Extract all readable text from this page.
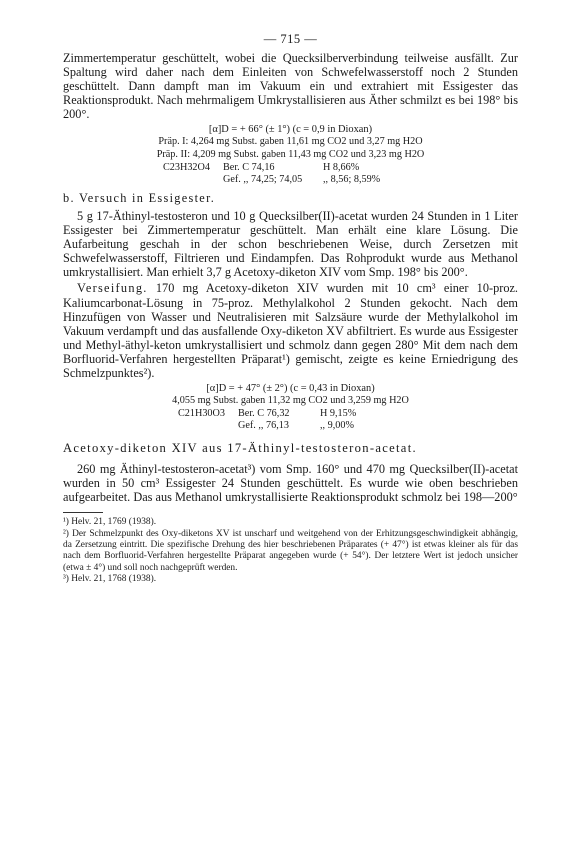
— 715 —

Zimmertemperatur geschüttelt, wobei die Quecksilberverbindung teilweise ausfällt. Zur Spaltung wird daher nach dem Einleiten von Schwefelwasserstoff noch 2 Stunden geschüttelt. Dann dampft man im Vakuum ein und extrahiert mit Essigester das Reaktionsprodukt. Nach mehrmaligem Umkrystallisieren aus Äther schmilzt es bei 198° bis 200°.

[α]D = + 66° (± 1°) (c = 0,9 in Dioxan)
Präp. I: 4,264 mg Subst. gaben 11,61 mg CO2 und 3,27 mg H2O
Präp. II: 4,209 mg Subst. gaben 11,43 mg CO2 und 3,23 mg H2O
C23H32O4	Ber. C 74,16	H 8,66%
Gef. ,, 74,25; 74,05	,, 8,56; 8,59%

b. Versuch in Essigester.

5 g 17-Äthinyl-testosteron und 10 g Quecksilber(II)-acetat wurden 24 Stunden in 1 Liter Essigester bei Zimmertemperatur geschüttelt. Man erhält eine klare Lösung. Die Aufarbeitung geschah in der schon beschriebenen Weise, durch Zersetzen mit Schwefelwasserstoff, Filtrieren und Eindampfen. Das Rohprodukt wurde aus Methanol umkrystallisiert. Man erhielt 3,7 g Acetoxy-diketon XIV vom Smp. 198° bis 200°.

Verseifung. 170 mg Acetoxy-diketon XIV wurden mit 10 cm³ einer 10-proz. Kaliumcarbonat-Lösung in 75-proz. Methylalkohol 2 Stunden gekocht. Nach dem Hinzufügen von Wasser und Neutralisieren mit Salzsäure wurde der Methylalkohol im Vakuum verdampft und das ausfallende Oxy-diketon XV abfiltriert. Es wurde aus Essigester und Methyl-äthyl-keton umkrystallisiert und schmolz dann gegen 280° Mit dem nach dem Borfluorid-Verfahren hergestellten Präparat¹) gemischt, zeigte es keine Erniedrigung des Schmelzpunktes²).

[α]D = + 47° (± 2°) (c = 0,43 in Dioxan)
4,055 mg Subst. gaben 11,32 mg CO2 und 3,259 mg H2O
C21H30O3	Ber. C 76,32	H 9,15%
Gef. ,, 76,13	,, 9,00%
Acetoxy-diketon XIV aus 17-Äthinyl-testosteron-acetat.

260 mg Äthinyl-testosteron-acetat³) vom Smp. 160° und 470 mg Quecksilber(II)-acetat wurden in 50 cm³ Essigester 24 Stunden geschüttelt. Es wurde wie oben beschrieben aufgearbeitet. Das aus Methanol umkrystallisierte Reaktionsprodukt schmolz bei 198—200°

¹) Helv. 21, 1769 (1938).
²) Der Schmelzpunkt des Oxy-diketons XV ist unscharf und weitgehend von der Erhitzungsgeschwindigkeit abhängig, da Zersetzung eintritt. Die spezifische Drehung des hier beschriebenen Präparates (+ 47°) ist etwas kleiner als für das nach dem Borfluorid-Verfahren hergestellte Präparat angegeben wurde (+ 54°). Der letztere Wert ist jedoch unsicher (etwa ± 4°) und soll noch nachgeprüft werden.
³) Helv. 21, 1768 (1938).
